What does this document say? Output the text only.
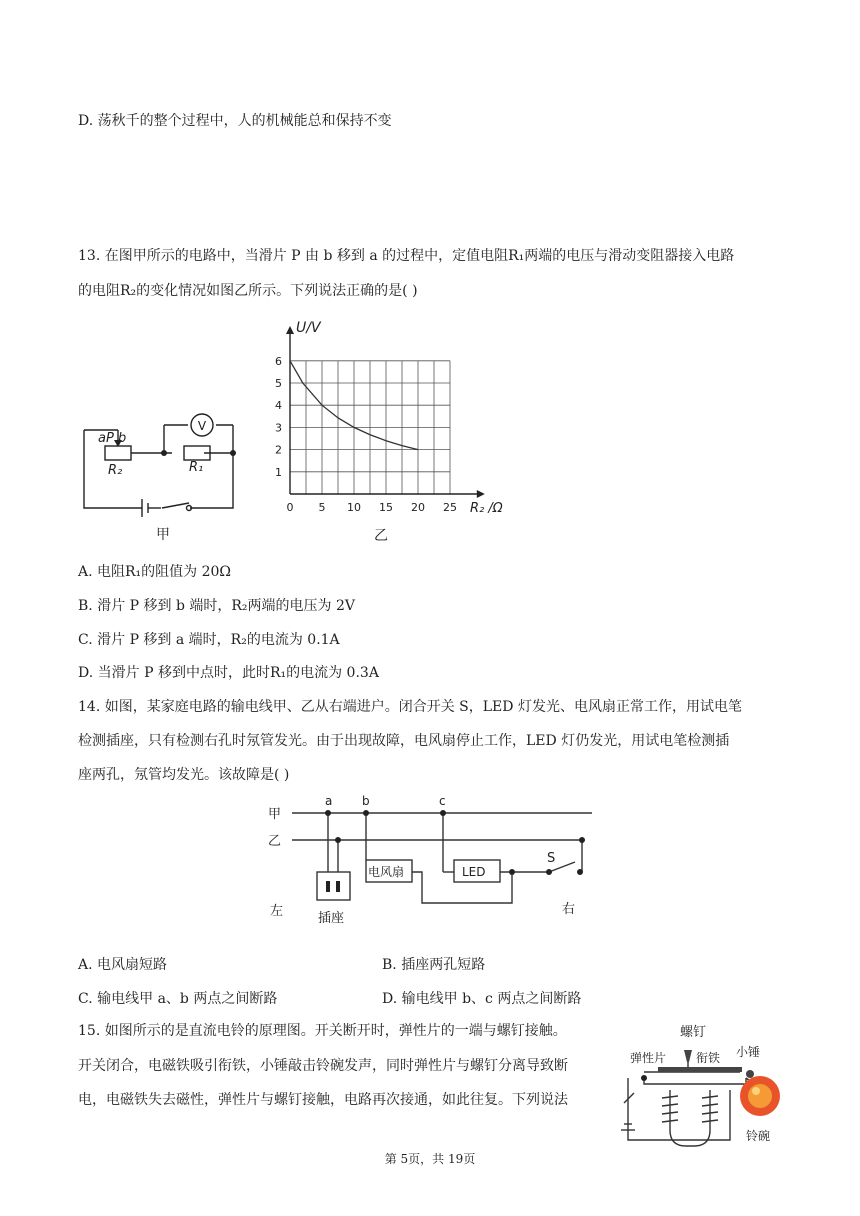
D. 荡秋千的整个过程中，人的机械能总和保持不变
13. 在图甲所示的电路中，当滑片 P 由 b 移到 a 的过程中，定值电阻R₁两端的电压与滑动变阻器接入电路
的电阻R₂的变化情况如图乙所示。下列说法正确的是( )
aP b
R₂	R₁
V
甲
0 5 10 15 20 25
1
2
3
4
5
6
U/V
R₂ /Ω
乙
A. 电阻R₁的阻值为 20Ω
B. 滑片 P 移到 b 端时，R₂两端的电压为 2V
C. 滑片 P 移到 a 端时，R₂的电流为 0.1A
D. 当滑片 P 移到中点时，此时R₁的电流为 0.3A
14. 如图，某家庭电路的输电线甲、乙从右端进户。闭合开关 S，LED 灯发光、电风扇正常工作，用试电笔
检测插座，只有检测右孔时氖管发光。由于出现故障，电风扇停止工作，LED 灯仍发光，用试电笔检测插
座两孔，氖管均发光。该故障是( )
甲
乙
a b	c
电风扇	LED
S
左	插座
右
A. 电风扇短路	B. 插座两孔短路
C. 输电线甲 a、b 两点之间断路	D. 输电线甲 b、c 两点之间断路
15. 如图所示的是直流电铃的原理图。开关断开时，弹性片的一端与螺钉接触。
开关闭合，电磁铁吸引衔铁，小锤敲击铃碗发声，同时弹性片与螺钉分离导致断
电，电磁铁失去磁性，弹性片与螺钉接触，电路再次接通，如此往复。下列说法
螺钉
弹性片 衔铁 小锤
铃碗
第 5页，共 19页
